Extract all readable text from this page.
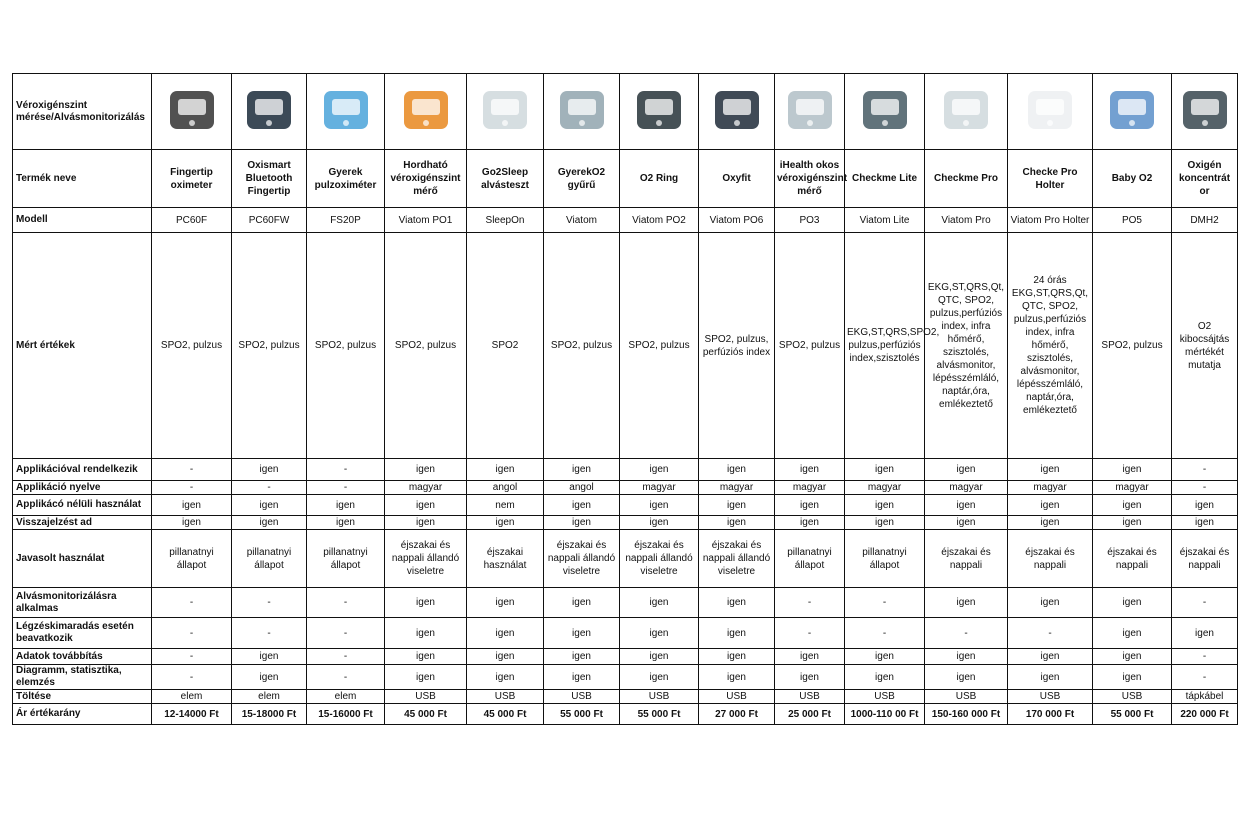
Véroxigénszint mérése/Alvásmonitorizálás														
Termék neve	Fingertip oximeter	Oxismart Bluetooth Fingertip	Gyerek pulzoximéter	Hordható véroxigénszint mérő	Go2Sleep alvásteszt	GyerekO2 gyűrű	O2 Ring	Oxyfit	iHealth okos véroxigénszint mérő	Checkme Lite	Checkme Pro	Checke Pro Holter	Baby O2	Oxigén koncentrát or
Modell	PC60F	PC60FW	FS20P	Viatom PO1	SleepOn	Viatom	Viatom PO2	Viatom PO6	PO3	Viatom Lite	Viatom Pro	Viatom Pro Holter	PO5	DMH2
Mért értékek	SPO2, pulzus	SPO2, pulzus	SPO2, pulzus	SPO2, pulzus	SPO2	SPO2, pulzus	SPO2, pulzus	SPO2, pulzus, perfúziós index	SPO2, pulzus	EKG,ST,QRS,SPO2, pulzus,perfúziós index,szisztolés	EKG,ST,QRS,Qt, QTC, SPO2, pulzus,perfúziós index, infra hőmérő, szisztolés, alvásmonitor, lépésszémláló, naptár,óra, emlékeztető	24 órás EKG,ST,QRS,Qt, QTC, SPO2, pulzus,perfúziós index, infra hőmérő, szisztolés, alvásmonitor, lépésszémláló, naptár,óra, emlékeztető	SPO2, pulzus	O2 kibocsájtás mértékét mutatja
Applikációval rendelkezik	-	igen	-	igen	igen	igen	igen	igen	igen	igen	igen	igen	igen	-
Applikáció nyelve	-	-	-	magyar	angol	angol	magyar	magyar	magyar	magyar	magyar	magyar	magyar	-
Applikácó nélüli használat	igen	igen	igen	igen	nem	igen	igen	igen	igen	igen	igen	igen	igen	igen
Visszajelzést ad	igen	igen	igen	igen	igen	igen	igen	igen	igen	igen	igen	igen	igen	igen
Javasolt használat	pillanatnyi állapot	pillanatnyi állapot	pillanatnyi állapot	éjszakai és nappali állandó viseletre	éjszakai használat	éjszakai és nappali állandó viseletre	éjszakai és nappali állandó viseletre	éjszakai és nappali állandó viseletre	pillanatnyi állapot	pillanatnyi állapot	éjszakai és nappali	éjszakai és nappali	éjszakai és nappali	éjszakai és nappali
Alvásmonitorizálásra alkalmas	-	-	-	igen	igen	igen	igen	igen	-	-	igen	igen	igen	-
Légzéskimaradás esetén beavatkozik	-	-	-	igen	igen	igen	igen	igen	-	-	-	-	igen	igen
Adatok továbbítás	-	igen	-	igen	igen	igen	igen	igen	igen	igen	igen	igen	igen	-
Diagramm, statisztika, elemzés	-	igen	-	igen	igen	igen	igen	igen	igen	igen	igen	igen	igen	-
Töltése	elem	elem	elem	USB	USB	USB	USB	USB	USB	USB	USB	USB	USB	tápkábel
Ár értékarány	12-14000 Ft	15-18000 Ft	15-16000 Ft	45 000 Ft	45 000 Ft	55 000 Ft	55 000 Ft	27 000 Ft	25 000 Ft	1000-110 00 Ft	150-160 000 Ft	170 000 Ft	55 000 Ft	220 000 Ft
